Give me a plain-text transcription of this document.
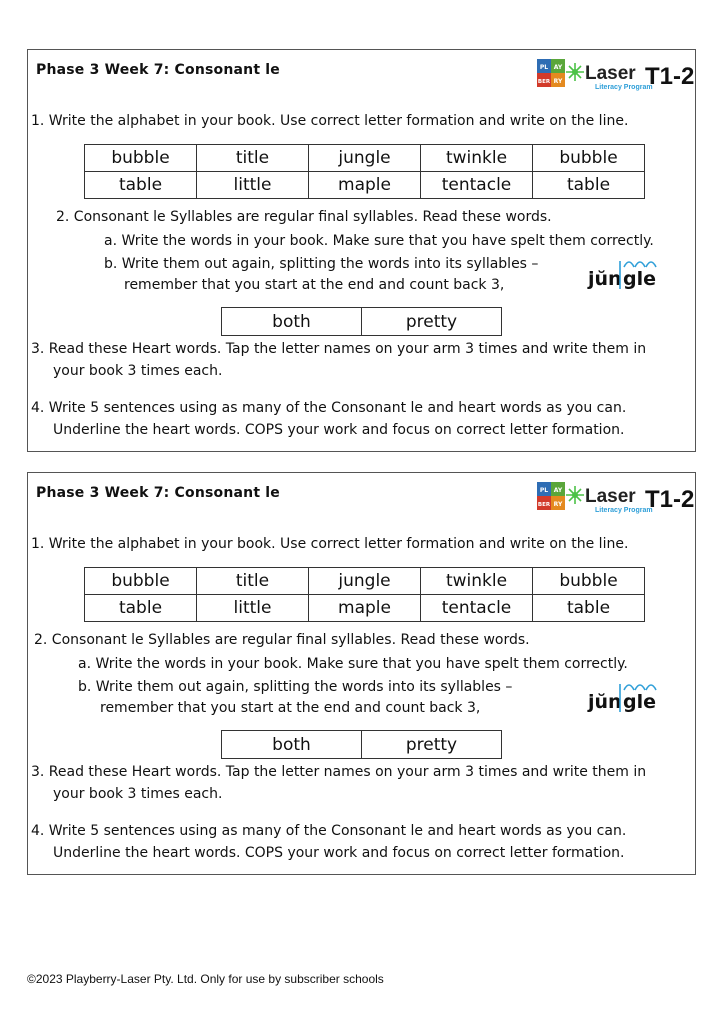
Phase 3 Week 7: Consonant le	PL AY
BER RY Laser T1-2
Literacy Program
1. Write the alphabet in your book. Use correct letter formation and write on the line.
bubble	title	jungle	twinkle	bubble
table	little	maple	tentacle	table
2. Consonant le Syllables are regular final syllables. Read these words.
a. Write the words in your book. Make sure that you have spelt them correctly.
b. Write them out again, splitting the words into its syllables –
remember that you start at the end and count back 3,	jŭn gle
both	pretty
3. Read these Heart words. Tap the letter names on your arm 3 times and write them in
your book 3 times each.
4. Write 5 sentences using as many of the Consonant le and heart words as you can.
Underline the heart words. COPS your work and focus on correct letter formation.
Phase 3 Week 7: Consonant le	PL AY
BER RY Laser T1-2
Literacy Program
1. Write the alphabet in your book. Use correct letter formation and write on the line.
bubble	title	jungle	twinkle	bubble
table	little	maple	tentacle	table
2. Consonant le Syllables are regular final syllables. Read these words.
a. Write the words in your book. Make sure that you have spelt them correctly.
b. Write them out again, splitting the words into its syllables –
remember that you start at the end and count back 3,	jŭn gle
both	pretty
3. Read these Heart words. Tap the letter names on your arm 3 times and write them in
your book 3 times each.
4. Write 5 sentences using as many of the Consonant le and heart words as you can.
Underline the heart words. COPS your work and focus on correct letter formation.
©2023 Playberry-Laser Pty. Ltd. Only for use by subscriber schools
